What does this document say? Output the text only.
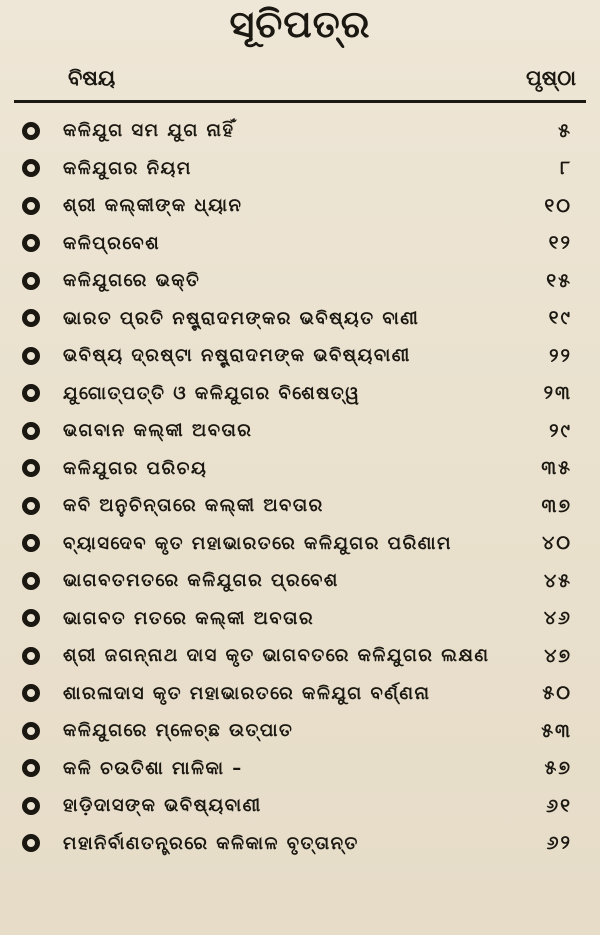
ସୂଚିପତ୍ର
ବିଷୟ	ପୃଷ୍ଠା
କଳିଯୁଗ ସମ ଯୁଗ ନାହିଁ	୫
କଳିଯୁଗର ନିୟମ	୮
ଶ୍ରୀ କଲ୍କୀଙ୍କ ଧ୍ୟାନ	୧୦
କଳିପ୍ରବେଶ	୧୨
କଳିଯୁଗରେ ଭକ୍ତି	୧୫
ଭାରତ ପ୍ରତି ନଷ୍ଟ୍ରାଦମଙ୍କର ଭବିଷ୍ୟତ ବାଣୀ	୧୯
ଭବିଷ୍ୟ ଦ୍ରଷ୍ଟା ନଷ୍ଟ୍ରାଦମଙ୍କ ଭବିଷ୍ୟବାଣୀ	୨୨
ଯୁଗୋତ୍ପତ୍ତି ଓ କଳିଯୁଗର ବିଶେଷତ୍ୱ	୨୩
ଭଗବାନ କଲ୍କୀ ଅବତାର	୨୯
କଳିଯୁଗର ପରିଚୟ	୩୫
କବି ଅନୁଚିନ୍ତାରେ କଲ୍କୀ ଅବତାର	୩୭
ବ୍ୟାସଦେବ କୃତ ମହାଭାରତରେ କଳିଯୁଗର ପରିଣାମ	୪୦
ଭାଗବତମତରେ କଳିଯୁଗର ପ୍ରବେଶ	୪୫
ଭାଗବତ ମତରେ କଲ୍କୀ ଅବତାର	୪୬
ଶ୍ରୀ ଜଗନ୍ନାଥ ଦାସ କୃତ ଭାଗବତରେ କଳିଯୁଗର ଲକ୍ଷଣ	୪୭
ଶାରଳାଦାସ କୃତ ମହାଭାରତରେ କଳିଯୁଗ ବର୍ଣ୍ଣନା	୫୦
କଳିଯୁଗରେ ମ୍ଳେଚ୍ଛ ଉତ୍ପାତ	୫୩
କଳି ଚଉତିଶା ମାଳିକା –	୫୭
ହାଡ଼ିଦାସଙ୍କ ଭବିଷ୍ୟବାଣୀ	୬୧
ମହାନିର୍ବାଣତନ୍ତ୍ରରେ କଳିକାଳ ବୃତ୍ତାନ୍ତ	୬୨
